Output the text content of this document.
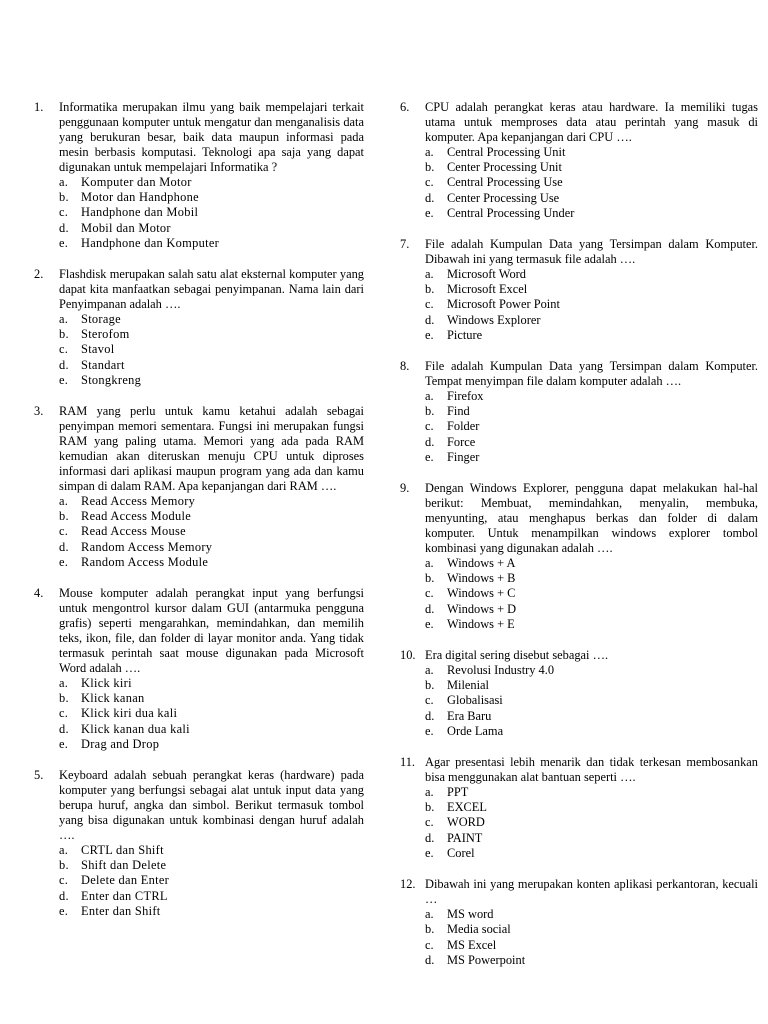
1.	Informatika merupakan ilmu yang baik mempelajari terkait penggunaan komputer untuk mengatur dan menganalisis data yang berukuran besar, baik data maupun informasi pada mesin berbasis komputasi. Teknologi apa saja yang dapat digunakan untuk mempelajari Informatika ?
a.	Komputer dan Motor
b. Motor dan Handphone
c.	Handphone dan Mobil
d. Mobil dan Motor
e.	Handphone dan Komputer
2.	Flashdisk merupakan salah satu alat eksternal komputer yang dapat kita manfaatkan sebagai penyimpanan. Nama lain dari Penyimpanan adalah ….
a.	Storage
b. Sterofom
c.	Stavol
d. Standart
e.	Stongkreng
3.	RAM yang perlu untuk kamu ketahui adalah sebagai penyimpan memori sementara. Fungsi ini merupakan fungsi RAM yang paling utama. Memori yang ada pada RAM kemudian akan diteruskan menuju CPU untuk diproses informasi dari aplikasi maupun program yang ada dan kamu simpan di dalam RAM. Apa kepanjangan dari RAM ….
a.	Read Access Memory
b. Read Access Module
c.	Read Access Mouse
d. Random Access Memory
e.	Random Access Module
4.	Mouse komputer adalah perangkat input yang berfungsi untuk mengontrol kursor dalam GUI (antarmuka pengguna grafis) seperti mengarahkan, memindahkan, dan memilih teks, ikon, file, dan folder di layar monitor anda. Yang tidak termasuk perintah saat mouse digunakan pada Microsoft Word adalah ….
a.	Klick kiri
b. Klick kanan
c.	Klick kiri dua kali
d. Klick kanan dua kali
e.	Drag and Drop
5.	Keyboard adalah sebuah perangkat keras (hardware) pada komputer yang berfungsi sebagai alat untuk input data yang berupa huruf, angka dan simbol. Berikut termasuk tombol yang bisa digunakan untuk kombinasi dengan huruf adalah ….
a.	CRTL dan Shift
b. Shift dan Delete
c.	Delete dan Enter
d. Enter dan CTRL
e.	Enter dan Shift
6.	CPU adalah perangkat keras atau hardware. Ia memiliki tugas utama untuk memproses data atau perintah yang masuk di komputer. Apa kepanjangan dari CPU ….
a.	Central Processing Unit
b.	Center Processing Unit
c.	Central Processing Use
d.	Center Processing Use
e.	Central Processing Under
7.	File adalah Kumpulan Data yang Tersimpan dalam Komputer. Dibawah ini yang termasuk file adalah ….
a.	Microsoft Word
b.	Microsoft Excel
c.	Microsoft Power Point
d.	Windows Explorer
e.	Picture
8.	File adalah Kumpulan Data yang Tersimpan dalam Komputer. Tempat menyimpan file dalam komputer adalah ….
a.	Firefox
b.	Find
c.	Folder
d.	Force
e.	Finger
9.	Dengan Windows Explorer, pengguna dapat melakukan hal-hal berikut: Membuat, memindahkan, menyalin, membuka, menyunting, atau menghapus berkas dan folder di dalam komputer. Untuk menampilkan windows explorer tombol kombinasi yang digunakan adalah ….
a.	Windows + A
b.	Windows + B
c.	Windows + C
d.	Windows + D
e.	Windows + E
10. Era digital sering disebut sebagai ….
a.	Revolusi Industry 4.0
b.	Milenial
c.	Globalisasi
d.	Era Baru
e.	Orde Lama
11. Agar presentasi lebih menarik dan tidak terkesan membosankan bisa menggunakan alat bantuan seperti ….
a.	PPT
b.	EXCEL
c.	WORD
d.	PAINT
e.	Corel
12. Dibawah ini yang merupakan konten aplikasi perkantoran, kecuali …
a.	MS word
b.	Media social
c.	MS Excel
d.	MS Powerpoint
